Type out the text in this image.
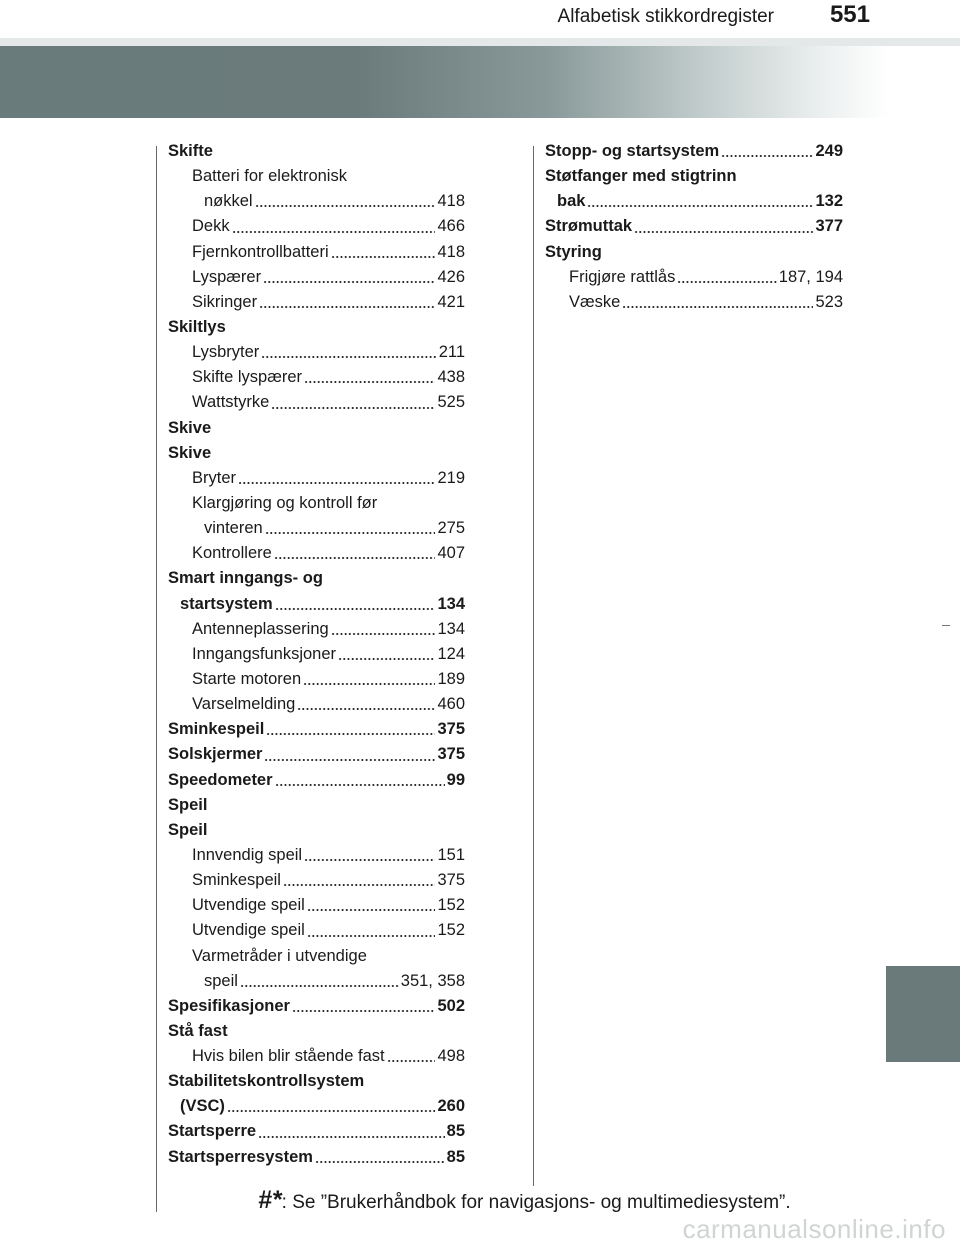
Alfabetisk stikkordregister 551
Skifte
Batteri for elektronisk
nøkkel	418
Dekk	466
Fjernkontrollbatteri	418
Lyspærer	426
Sikringer	421
Skiltlys
Lysbryter	211
Skifte lyspærer	438
Wattstyrke	525
Skive
Skive
Bryter	219
Klargjøring og kontroll før
vinteren	275
Kontrollere	407
Smart inngangs- og
startsystem	134
Antenneplassering	134
Inngangsfunksjoner	124
Starte motoren	189
Varselmelding	460
Sminkespeil	375
Solskjermer	375
Speedometer	99
Speil
Speil
Innvendig speil	151
Sminkespeil	375
Utvendige speil	152
Utvendige speil	152
Varmetråder i utvendige
speil	351, 358
Spesifikasjoner	502
Stå fast
Hvis bilen blir stående fast	498
Stabilitetskontrollsystem
(VSC)	260
Startsperre	85
Startsperresystem	85
Stopp- og startsystem	249
Støtfanger med stigtrinn
bak	132
Strømuttak	377
Styring
Frigjøre rattlås	187, 194
Væske	523
#*: Se ”Brukerhåndbok for navigasjons- og multimediesystem”.
carmanualsonline.info
